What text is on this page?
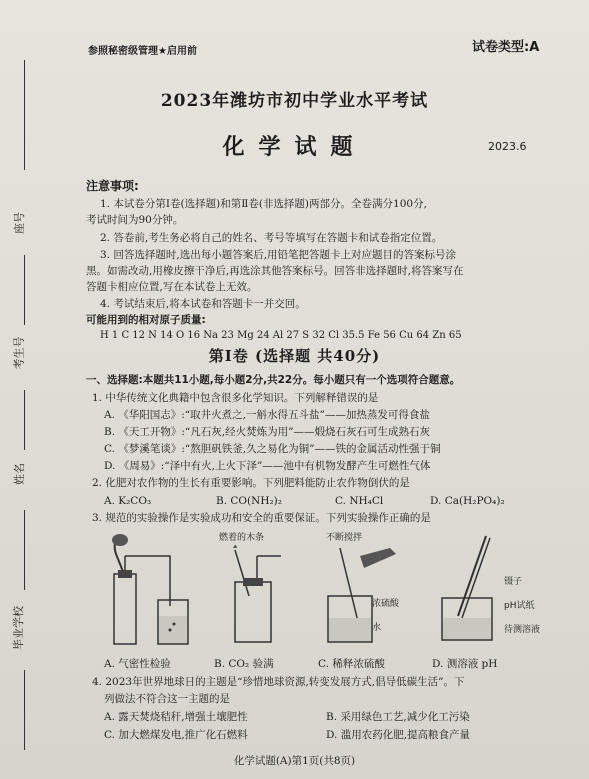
座号
考生号
姓名
毕业学校
参照秘密级管理★启用前	试卷类型:A
2023年潍坊市初中学业水平考试
化学试题	2023.6
注意事项:
1. 本试卷分第Ⅰ卷(选择题)和第Ⅱ卷(非选择题)两部分。全卷满分100分,
考试时间为90分钟。
2. 答卷前,考生务必将自己的姓名、考号等填写在答题卡和试卷指定位置。
3. 回答选择题时,选出每小题答案后,用铅笔把答题卡上对应题目的答案标号涂
黑。如需改动,用橡皮擦干净后,再选涂其他答案标号。回答非选择题时,将答案写在
答题卡相应位置,写在本试卷上无效。
4. 考试结束后,将本试卷和答题卡一并交回。
可能用到的相对原子质量:
H 1 C 12 N 14 O 16 Na 23 Mg 24 Al 27 S 32 Cl 35.5 Fe 56 Cu 64 Zn 65
第Ⅰ卷 (选择题 共40分)
一、选择题:本题共11小题,每小题2分,共22分。每小题只有一个选项符合题意。
1. 中华传统文化典籍中包含很多化学知识。下列解释错误的是
A. 《华阳国志》:“取井火煮之,一斛水得五斗盐”——加热蒸发可得食盐
B. 《天工开物》:“凡石灰,经火焚炼为用”——煅烧石灰石可生成熟石灰
C. 《梦溪笔谈》:“熬胆矾铁釜,久之易化为铜”——铁的金属活动性强于铜
D. 《周易》:“泽中有火,上火下泽”——池中有机物发酵产生可燃性气体
2. 化肥对农作物的生长有重要影响。下列肥料能防止农作物倒伏的是
A. K₂CO₃	B. CO(NH₂)₂	C. NH₄Cl	D. Ca(H₂PO₄)₂
3. 规范的实验操作是实验成功和安全的重要保证。下列实验操作正确的是
燃着的木条	不断搅拌
浓硫酸
水
镊子
pH试纸
待测溶液
A. 气密性检验	B. CO₂ 验满	C. 稀释浓硫酸	D. 测溶液 pH
4. 2023年世界地球日的主题是“珍惜地球资源,转变发展方式,倡导低碳生活”。下
列做法不符合这一主题的是
A. 露天焚烧秸秆,增强土壤肥性	B. 采用绿色工艺,减少化工污染
C. 加大燃煤发电,推广化石燃料	D. 滥用农药化肥,提高粮食产量
化学试题(A)第1页(共8页)
